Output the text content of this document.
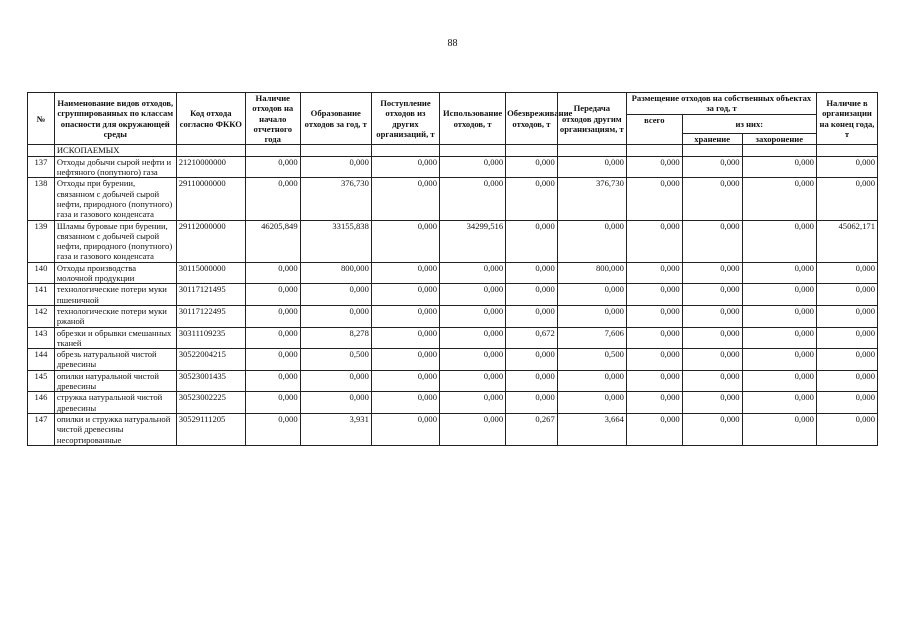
88
№	Наименование видов отходов, сгруппированных по классам опасности для окружающей среды	Код отхода согласно ФККО	Наличие отходов на начало отчетного года	Образование отходов за год, т	Поступление отходов из других организаций, т	Использование отходов, т	Обезвреживание отходов, т	Передача отходов другим организациям, т	Размещение отходов на собственных объектах за год, т			Наличие в организации на конец года, т
									всего	из них:		
										хранение	захоронение	
	ИСКОПАЕМЫХ											
137	Отходы добычи сырой нефти и нефтяного (попутного) газа	21210000000	0,000	0,000	0,000	0,000	0,000	0,000	0,000	0,000	0,000	0,000
138	Отходы при бурении, связанном с добычей сырой нефти, природного (попутного) газа и газового конденсата	29110000000	0,000	376,730	0,000	0,000	0,000	376,730	0,000	0,000	0,000	0,000
139	Шламы буровые при бурении, связанном с добычей сырой нефти, природного (попутного) газа и газового конденсата	29112000000	46205,849	33155,838	0,000	34299,516	0,000	0,000	0,000	0,000	0,000	45062,171
140	Отходы производства молочной продукции	30115000000	0,000	800,000	0,000	0,000	0,000	800,000	0,000	0,000	0,000	0,000
141	технологические потери муки пшеничной	30117121495	0,000	0,000	0,000	0,000	0,000	0,000	0,000	0,000	0,000	0,000
142	технологические потери муки ржаной	30117122495	0,000	0,000	0,000	0,000	0,000	0,000	0,000	0,000	0,000	0,000
143	обрезки и обрывки смешанных тканей	30311109235	0,000	8,278	0,000	0,000	0,672	7,606	0,000	0,000	0,000	0,000
144	обрезь натуральной чистой древесины	30522004215	0,000	0,500	0,000	0,000	0,000	0,500	0,000	0,000	0,000	0,000
145	опилки натуральной чистой древесины	30523001435	0,000	0,000	0,000	0,000	0,000	0,000	0,000	0,000	0,000	0,000
146	стружка натуральной чистой древесины	30523002225	0,000	0,000	0,000	0,000	0,000	0,000	0,000	0,000	0,000	0,000
147	опилки и стружка натуральной чистой древесины несортированные	30529111205	0,000	3,931	0,000	0,000	0,267	3,664	0,000	0,000	0,000	0,000
